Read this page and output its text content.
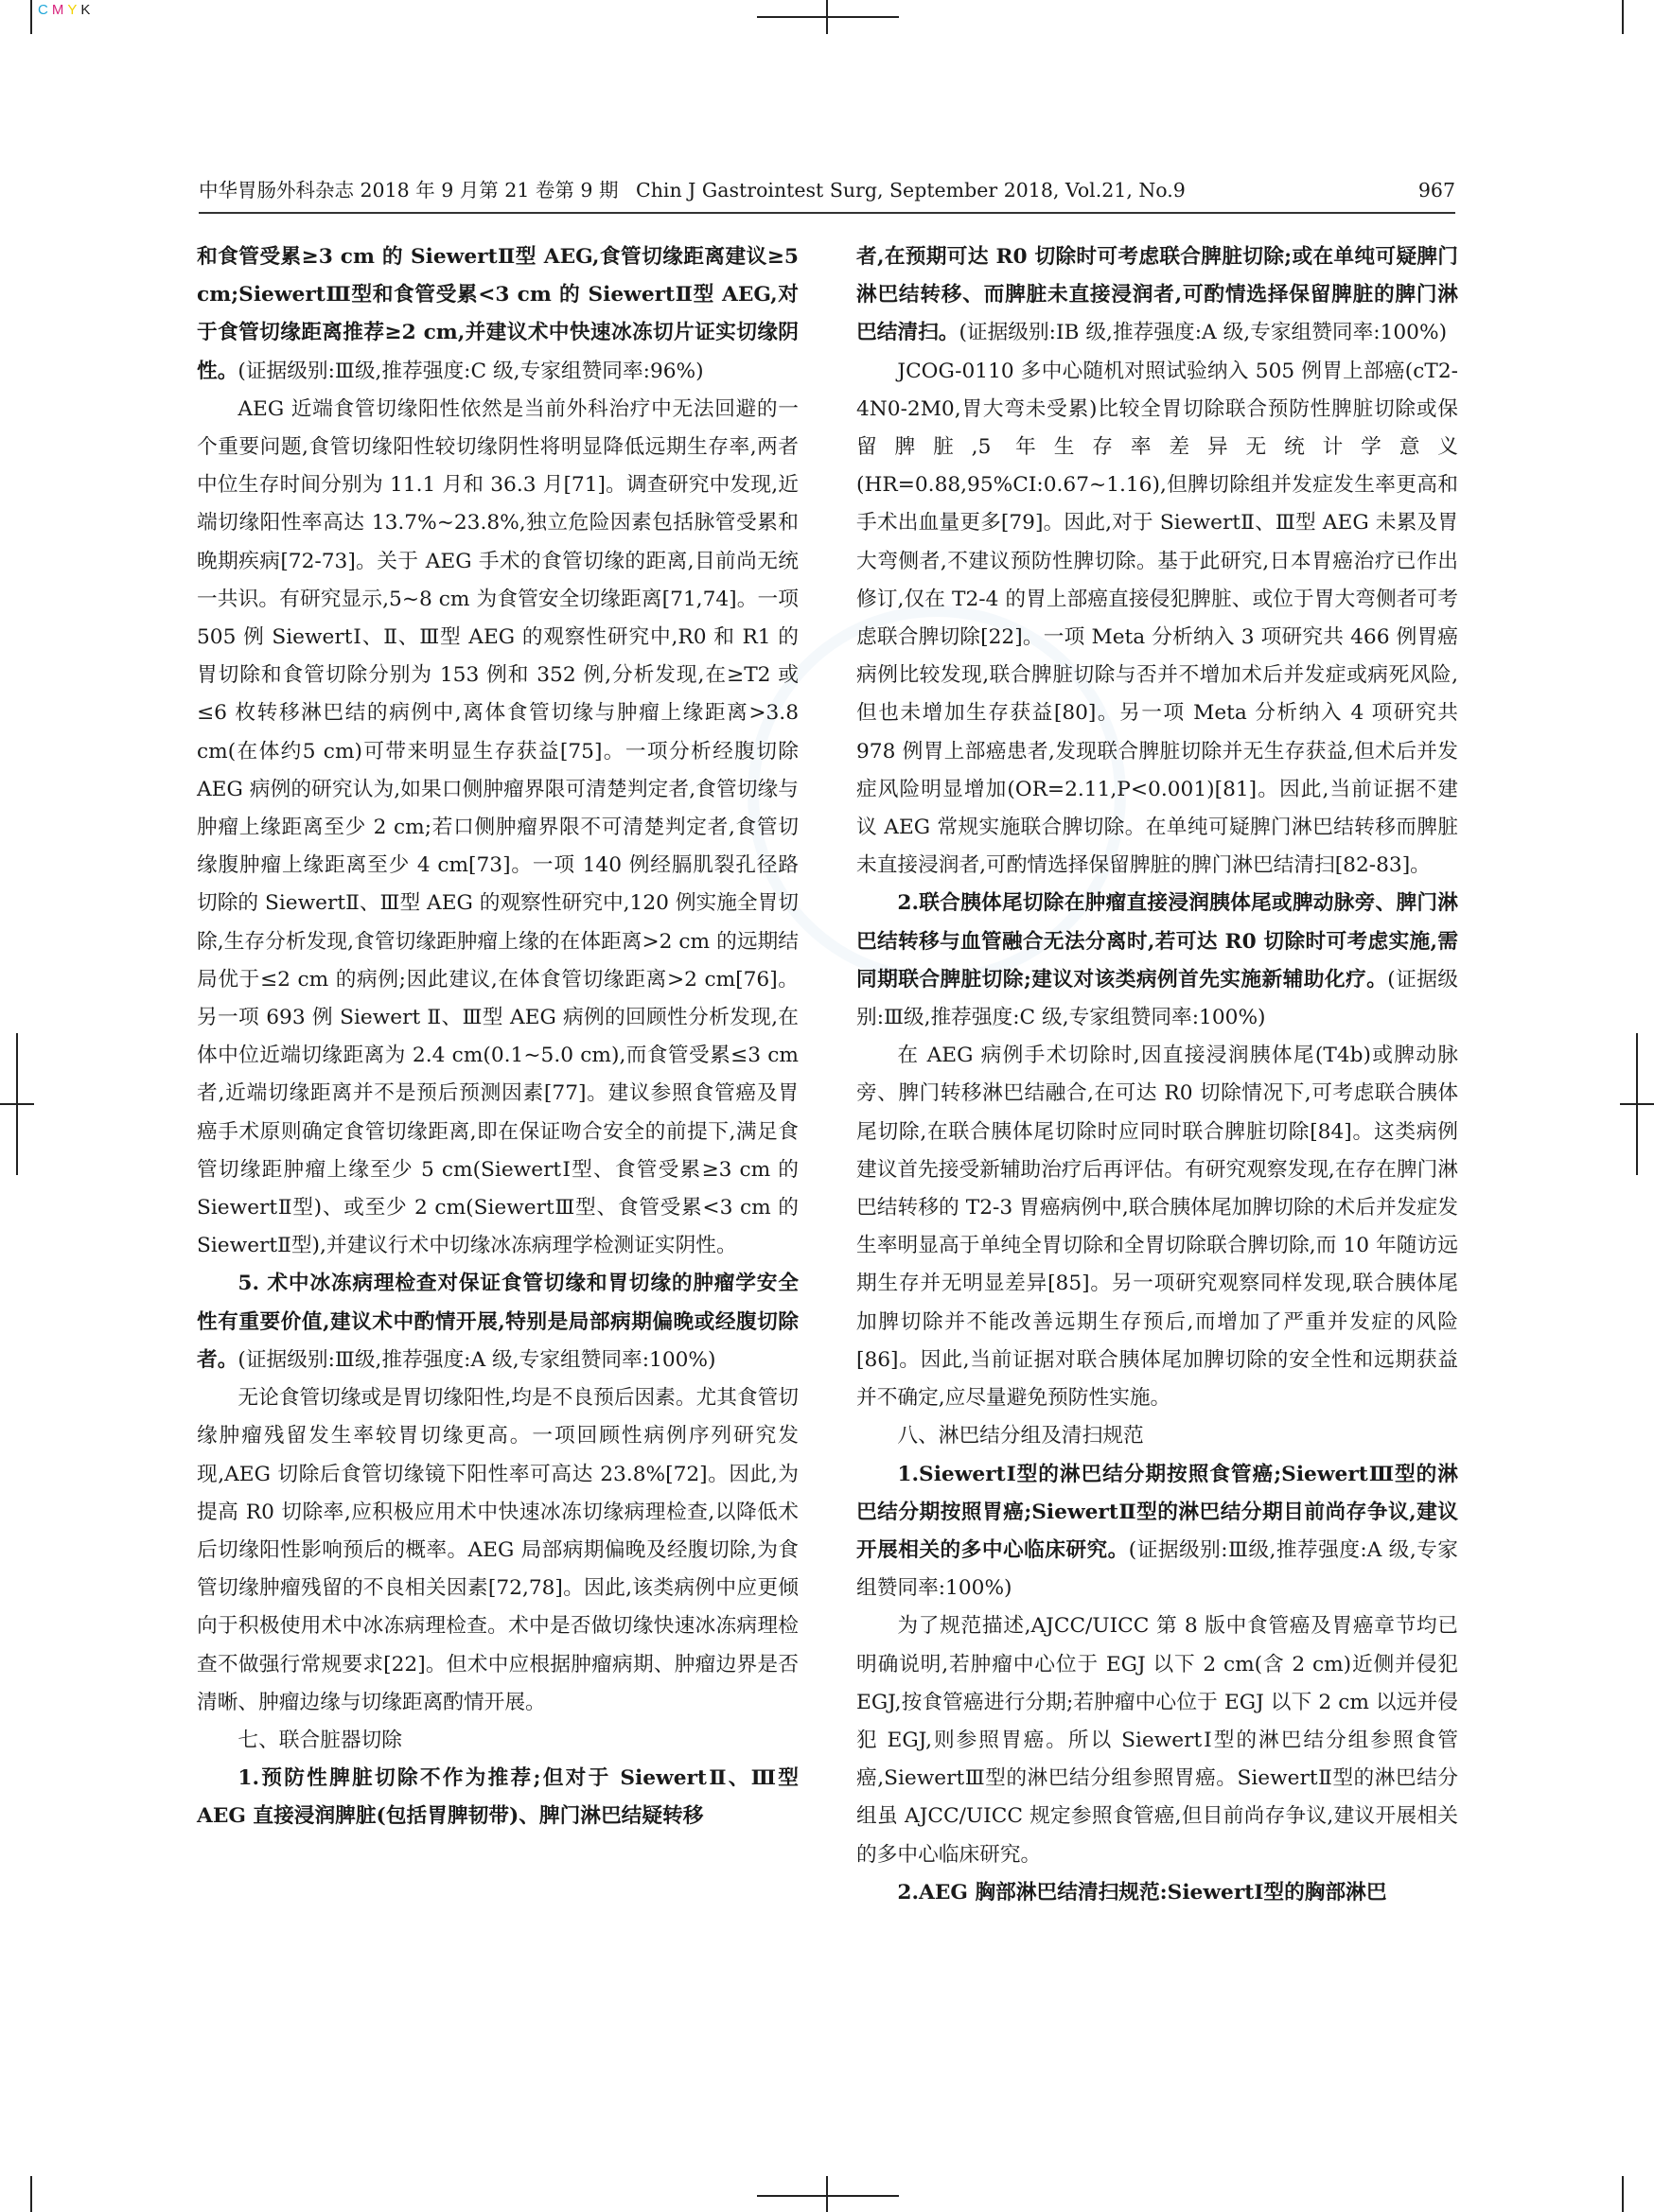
CMYK
中华胃肠外科杂志 2018 年 9 月第 21 卷第 9 期 Chin J Gastrointest Surg, September 2018, Vol.21, No.9	967

和食管受累≥3 cm 的 SiewertⅡ型 AEG,食管切缘距离建议≥5 cm;SiewertⅢ型和食管受累<3 cm 的 SiewertⅡ型 AEG,对于食管切缘距离推荐≥2 cm,并建议术中快速冰冻切片证实切缘阴性。(证据级别:Ⅲ级,推荐强度:C 级,专家组赞同率:96%)

AEG 近端食管切缘阳性依然是当前外科治疗中无法回避的一个重要问题,食管切缘阳性较切缘阴性将明显降低远期生存率,两者中位生存时间分别为 11.1 月和 36.3 月[71]。调查研究中发现,近端切缘阳性率高达 13.7%~23.8%,独立危险因素包括脉管受累和晚期疾病[72-73]。关于 AEG 手术的食管切缘的距离,目前尚无统一共识。有研究显示,5~8 cm 为食管安全切缘距离[71,74]。一项 505 例 SiewertⅠ、Ⅱ、Ⅲ型 AEG 的观察性研究中,R0 和 R1 的胃切除和食管切除分别为 153 例和 352 例,分析发现,在≥T2 或≤6 枚转移淋巴结的病例中,离体食管切缘与肿瘤上缘距离>3.8 cm(在体约5 cm)可带来明显生存获益[75]。一项分析经腹切除 AEG 病例的研究认为,如果口侧肿瘤界限可清楚判定者,食管切缘与肿瘤上缘距离至少 2 cm;若口侧肿瘤界限不可清楚判定者,食管切缘腹肿瘤上缘距离至少 4 cm[73]。一项 140 例经膈肌裂孔径路切除的 SiewertⅡ、Ⅲ型 AEG 的观察性研究中,120 例实施全胃切除,生存分析发现,食管切缘距肿瘤上缘的在体距离>2 cm 的远期结局优于≤2 cm 的病例;因此建议,在体食管切缘距离>2 cm[76]。另一项 693 例 Siewert Ⅱ、Ⅲ型 AEG 病例的回顾性分析发现,在体中位近端切缘距离为 2.4 cm(0.1~5.0 cm),而食管受累≤3 cm 者,近端切缘距离并不是预后预测因素[77]。建议参照食管癌及胃癌手术原则确定食管切缘距离,即在保证吻合安全的前提下,满足食管切缘距肿瘤上缘至少 5 cm(SiewertⅠ型、食管受累≥3 cm 的 SiewertⅡ型)、或至少 2 cm(SiewertⅢ型、食管受累<3 cm 的 SiewertⅡ型),并建议行术中切缘冰冻病理学检测证实阴性。

5. 术中冰冻病理检查对保证食管切缘和胃切缘的肿瘤学安全性有重要价值,建议术中酌情开展,特别是局部病期偏晚或经腹切除者。(证据级别:Ⅲ级,推荐强度:A 级,专家组赞同率:100%)

无论食管切缘或是胃切缘阳性,均是不良预后因素。尤其食管切缘肿瘤残留发生率较胃切缘更高。一项回顾性病例序列研究发现,AEG 切除后食管切缘镜下阳性率可高达 23.8%[72]。因此,为提高 R0 切除率,应积极应用术中快速冰冻切缘病理检查,以降低术后切缘阳性影响预后的概率。AEG 局部病期偏晚及经腹切除,为食管切缘肿瘤残留的不良相关因素[72,78]。因此,该类病例中应更倾向于积极使用术中冰冻病理检查。术中是否做切缘快速冰冻病理检查不做强行常规要求[22]。但术中应根据肿瘤病期、肿瘤边界是否清晰、肿瘤边缘与切缘距离酌情开展。

七、联合脏器切除

1.预防性脾脏切除不作为推荐;但对于 SiewertⅡ、Ⅲ型 AEG 直接浸润脾脏(包括胃脾韧带)、脾门淋巴结疑转移

者,在预期可达 R0 切除时可考虑联合脾脏切除;或在单纯可疑脾门淋巴结转移、而脾脏未直接浸润者,可酌情选择保留脾脏的脾门淋巴结清扫。(证据级别:ⅠB 级,推荐强度:A 级,专家组赞同率:100%)

JCOG-0110 多中心随机对照试验纳入 505 例胃上部癌(cT2-4N0-2M0,胃大弯未受累)比较全胃切除联合预防性脾脏切除或保留脾脏,5 年生存率差异无统计学意义(HR=0.88,95%CI:0.67~1.16),但脾切除组并发症发生率更高和手术出血量更多[79]。因此,对于 SiewertⅡ、Ⅲ型 AEG 未累及胃大弯侧者,不建议预防性脾切除。基于此研究,日本胃癌治疗已作出修订,仅在 T2-4 的胃上部癌直接侵犯脾脏、或位于胃大弯侧者可考虑联合脾切除[22]。一项 Meta 分析纳入 3 项研究共 466 例胃癌病例比较发现,联合脾脏切除与否并不增加术后并发症或病死风险,但也未增加生存获益[80]。另一项 Meta 分析纳入 4 项研究共 978 例胃上部癌患者,发现联合脾脏切除并无生存获益,但术后并发症风险明显增加(OR=2.11,P<0.001)[81]。因此,当前证据不建议 AEG 常规实施联合脾切除。在单纯可疑脾门淋巴结转移而脾脏未直接浸润者,可酌情选择保留脾脏的脾门淋巴结清扫[82-83]。

2.联合胰体尾切除在肿瘤直接浸润胰体尾或脾动脉旁、脾门淋巴结转移与血管融合无法分离时,若可达 R0 切除时可考虑实施,需同期联合脾脏切除;建议对该类病例首先实施新辅助化疗。(证据级别:Ⅲ级,推荐强度:C 级,专家组赞同率:100%)

在 AEG 病例手术切除时,因直接浸润胰体尾(T4b)或脾动脉旁、脾门转移淋巴结融合,在可达 R0 切除情况下,可考虑联合胰体尾切除,在联合胰体尾切除时应同时联合脾脏切除[84]。这类病例建议首先接受新辅助治疗后再评估。有研究观察发现,在存在脾门淋巴结转移的 T2-3 胃癌病例中,联合胰体尾加脾切除的术后并发症发生率明显高于单纯全胃切除和全胃切除联合脾切除,而 10 年随访远期生存并无明显差异[85]。另一项研究观察同样发现,联合胰体尾加脾切除并不能改善远期生存预后,而增加了严重并发症的风险[86]。因此,当前证据对联合胰体尾加脾切除的安全性和远期获益并不确定,应尽量避免预防性实施。

八、淋巴结分组及清扫规范

1.SiewertⅠ型的淋巴结分期按照食管癌;SiewertⅢ型的淋巴结分期按照胃癌;SiewertⅡ型的淋巴结分期目前尚存争议,建议开展相关的多中心临床研究。(证据级别:Ⅲ级,推荐强度:A 级,专家组赞同率:100%)

为了规范描述,AJCC/UICC 第 8 版中食管癌及胃癌章节均已明确说明,若肿瘤中心位于 EGJ 以下 2 cm(含 2 cm)近侧并侵犯 EGJ,按食管癌进行分期;若肿瘤中心位于 EGJ 以下 2 cm 以远并侵犯 EGJ,则参照胃癌。所以 SiewertⅠ型的淋巴结分组参照食管癌,SiewertⅢ型的淋巴结分组参照胃癌。SiewertⅡ型的淋巴结分组虽 AJCC/UICC 规定参照食管癌,但目前尚存争议,建议开展相关的多中心临床研究。

2.AEG 胸部淋巴结清扫规范:SiewertⅠ型的胸部淋巴
